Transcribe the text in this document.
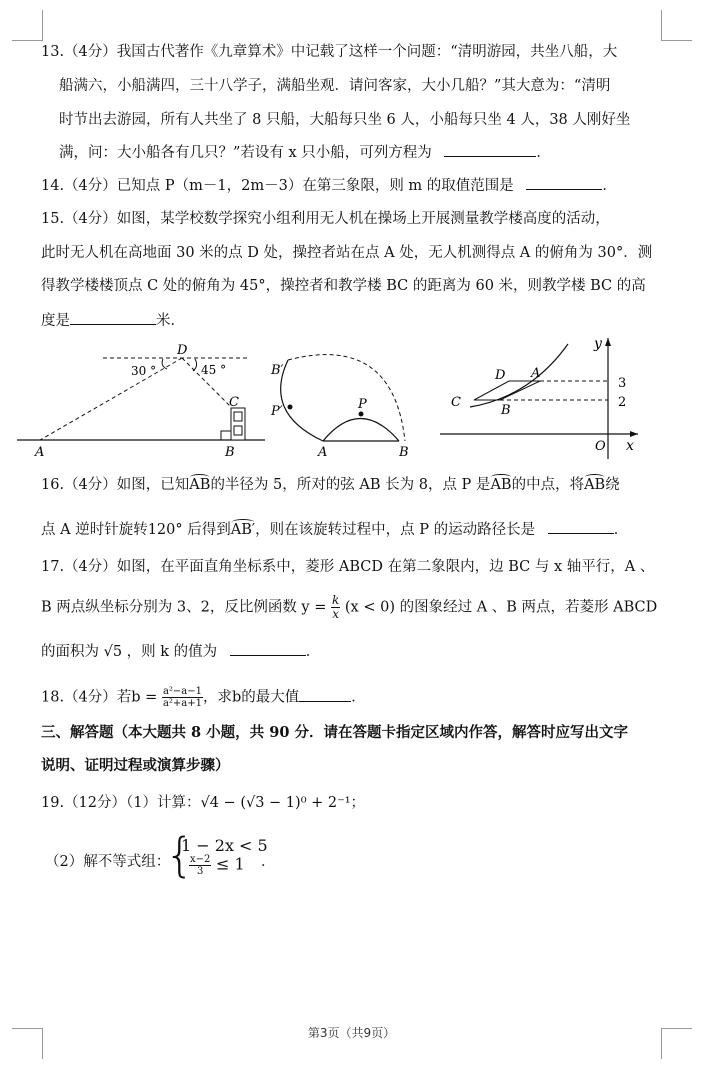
13.（4分）我国古代著作《九章算术》中记载了这样一个问题：“清明游园，共坐八船，大
船满六，小船满四，三十八学子，满船坐观．请问客家，大小几船？”其大意为：“清明
时节出去游园，所有人共坐了 8 只船，大船每只坐 6 人，小船每只坐 4 人，38 人刚好坐
满，问：大小船各有几只？”若设有 x 只小船，可列方程为	．
14.（4分）已知点 P（m－1，2m－3）在第三象限，则 m 的取值范围是	．
15.（4分）如图，某学校数学探究小组利用无人机在操场上开展测量教学楼高度的活动，
此时无人机在高地面 30 米的点 D 处，操控者站在点 A 处，无人机测得点 A 的俯角为 30°．测
得教学楼楼顶点 C 处的俯角为 45°，操控者和教学楼 BC 的距离为 60 米，则教学楼 BC 的高
度是	米．
D
30 °	45 °
C
A	B
B′
P′	P
A	B
y
x
O
3
2
D A
C
B
16.（4分）如图，已知AB的半径为 5，所对的弦 AB 长为 8，点 P 是AB的中点，将AB绕
点 A 逆时针旋转120° 后得到AB′，则在该旋转过程中，点 P 的运动路径长是	．
17.（4分）如图，在平面直角坐标系中，菱形 ABCD 在第二象限内，边 BC 与 x 轴平行，A 、
B 两点纵坐标分别为 3、2，反比例函数 $y = \frac{k}{x} (x < 0)$ 的图象经过 A 、B 两点，若菱形 ABCD
的面积为 √5 ，则 k 的值为	．
18.（4分）若$b = \frac{\text{a²−a−1}}{\text{a²+a+1}}$ ，求b的最大值	．
三、解答题（本大题共 8 小题，共 90 分．请在答题卡指定区域内作答，解答时应写出文字
说明、证明过程或演算步骤）
19.（12分）（1）计算：√4 − (√3 − 1)⁰ + 2⁻¹；
（2）解不等式组：
{
1 − 2x < 5
$\frac{x-2}{3} \le 1$ ．
第3页（共9页）
